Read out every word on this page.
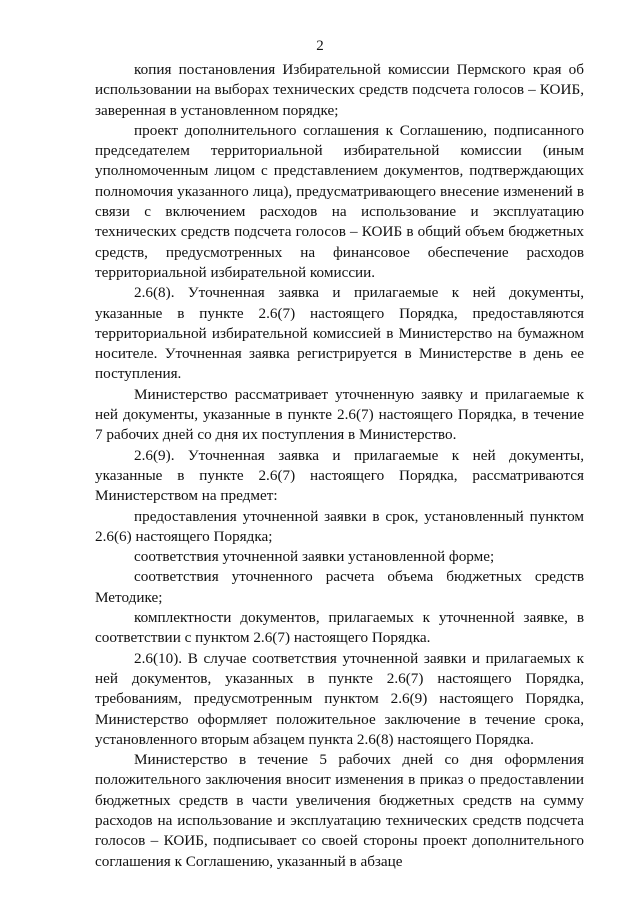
2

копия постановления Избирательной комиссии Пермского края об использовании на выборах технических средств подсчета голосов – КОИБ, заверенная в установленном порядке;

проект дополнительного соглашения к Соглашению, подписанного председателем территориальной избирательной комиссии (иным уполномоченным лицом с представлением документов, подтверждающих полномочия указанного лица), предусматривающего внесение изменений в связи с включением расходов на использование и эксплуатацию технических средств подсчета голосов – КОИБ в общий объем бюджетных средств, предусмотренных на финансовое обеспечение расходов территориальной избирательной комиссии.

2.6(8). Уточненная заявка и прилагаемые к ней документы, указанные в пункте 2.6(7) настоящего Порядка, предоставляются территориальной избирательной комиссией в Министерство на бумажном носителе. Уточненная заявка регистрируется в Министерстве в день ее поступления.

Министерство рассматривает уточненную заявку и прилагаемые к ней документы, указанные в пункте 2.6(7) настоящего Порядка, в течение 7 рабочих дней со дня их поступления в Министерство.

2.6(9). Уточненная заявка и прилагаемые к ней документы, указанные в пункте 2.6(7) настоящего Порядка, рассматриваются Министерством на предмет:

предоставления уточненной заявки в срок, установленный пунктом 2.6(6) настоящего Порядка;

соответствия уточненной заявки установленной форме;

соответствия уточненного расчета объема бюджетных средств Методике;

комплектности документов, прилагаемых к уточненной заявке, в соответствии с пунктом 2.6(7) настоящего Порядка.

2.6(10). В случае соответствия уточненной заявки и прилагаемых к ней документов, указанных в пункте 2.6(7) настоящего Порядка, требованиям, предусмотренным пунктом 2.6(9) настоящего Порядка, Министерство оформляет положительное заключение в течение срока, установленного вторым абзацем пункта 2.6(8) настоящего Порядка.

Министерство в течение 5 рабочих дней со дня оформления положительного заключения вносит изменения в приказ о предоставлении бюджетных средств в части увеличения бюджетных средств на сумму расходов на использование и эксплуатацию технических средств подсчета голосов – КОИБ, подписывает со своей стороны проект дополнительного соглашения к Соглашению, указанный в абзаце
